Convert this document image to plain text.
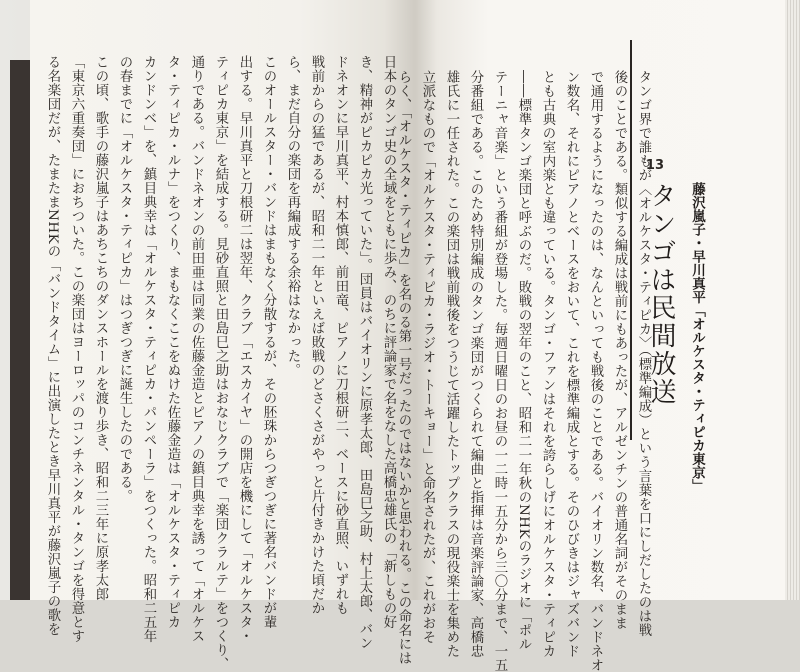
日本のタンゴ史の全域をともに歩み、のちに評論家で名をなした高橋忠雄氏の「新しもの好
き、精神がピカピカ光っていた」。団員はバイオリンに原孝太郎、田島巳之助、村上太郎、バン
ドネオンに早川真平、村本慎郎、前田竜、ピアノに刀根研二、ベースに砂直照、いずれも
戦前からの猛であるが、昭和二一年といえば敗戦のどさくさがやっと片付きかけた頃だか
ら、まだ自分の楽団を再編成する余裕はなかった。
このオールスター・バンドはまもなく分散するが、その胚珠からつぎつぎに著名バンドが輩
出する。早川真平と刀根研二は翌年、クラブ「エスカイヤ」の開店を機にして「オルケスタ・
ティピカ東京」を結成する。見砂直照と田島巳之助はおなじクラブで「楽団クラルテ」をつくり、
通りである。バンドネオンの前田亜は同業の佐藤金造とピアノの鎮目典幸を誘って「オルケス
タ・ティピカ・ルナ」をつくり、まもなくここをぬけた佐藤金造は「オルケスタ・ティピカ
カンドンベ」を、鎮目典幸は「オルケスタ・ティピカ・パンペーラ」をつくった。昭和二五年
の春までに「オルケスタ・ティピカ」はつぎつぎに誕生したのである。
この頃、歌手の藤沢嵐子はあちこちのダンスホールを渡り歩き、昭和二三年に原孝太郎
「東京六重奏団」におちついた。この楽団はヨーロッパのコンチネンタル・タンゴを得意とす
る名楽団だが、たまたまNHKの「バンドタイム」に出演したとき早川真平が藤沢嵐子の歌を	タンゴ界で誰もが〈オルケスタ・ティピカ〉（標準編成）という言葉を口にしだしたのは戦
後のことである。類似する編成は戦前にもあったが、アルゼンチンの普通名詞がそのまま
で通用するようになったのは、なんといっても戦後のことである。バイオリン数名、バンドネオ
ン数名、それにピアノとベースをおいて、これを標準編成とする。そのひびきはジャズバンド
とも古典の室内楽とも違っている。タンゴ・ファンはそれを誇らしげにオルケスタ・ティピカ
――標準タンゴ楽団と呼ぶのだ。敗戦の翌年のこと、昭和二一年秋のNHKのラジオに「ポル
テーニャ音楽」という番組が登場した。毎週日曜日のお昼の一二時一五分から三〇分まで、一五
分番組である。このため特別編成のタンゴ楽団がつくられて編曲と指揮は音楽評論家、高橋忠
雄氏に一任された。この楽団は戦前戦後をつうじて活躍したトップクラスの現役楽士を集めた
立派なもので「オルケスタ・ティピカ・ラジオ・トーキョー」と命名されたが、これがおそ
らく、「オルケスタ・ティピカ」を名のる第一号だったのではないかと思われる。この命名には	13
タンゴは民間放送 藤沢嵐子・早川真平「オルケスタ・ティピカ東京」
